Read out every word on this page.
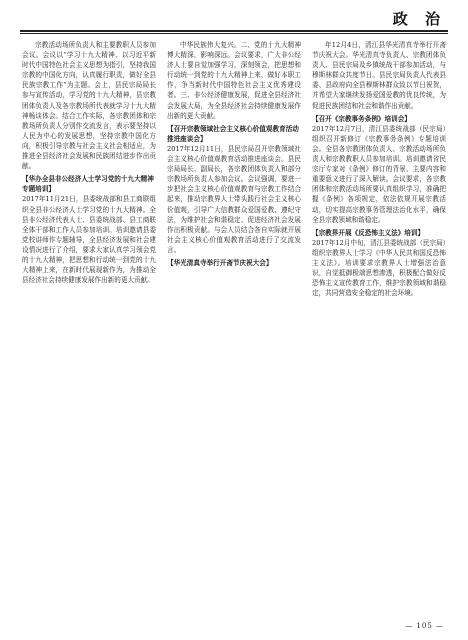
政 治

宗教活动场所负责人和主要教职人员参加会议。会议以“学习十九大精神、以习近平新时代中国特色社会主义思想为指引，坚持我国宗教的中国化方向，认真履行职责，做好全县民族宗教工作”为主题。会上，县民宗局局长参与宣传活动，学习党的十九大精神，县宗教团体负责人及各宗教场所代表就学习十九大精神畅谈体会。结合工作实际，各宗教团体和宗教场所负责人分别作交流发言，表示要坚持以人民为中心的发展思想，坚持宗教中国化方向，积极引导宗教与社会主义社会相适应，为推进全县经济社会发展和民族团结进步作出贡献。

【华办全县非公经济人士学习党的十九大精神专题培训】

2017年11月21日，县委统战部和县工商联组织全县非公经济人士学习党的十九大精神。全县非公经济代表人士、县委统战部、县工商联全体干部和工作人员参加培训。培训邀请县委党校讲师作专题辅导，全县经济发展和社会建设情况进行了介绍，要求大家认真学习领会党的十九大精神，把思想和行动统一到党的十九大精神上来，在新时代展现新作为，为推动全县经济社会持续健康发展作出新的更大贡献。

中华民族伟大复兴。二、党的十九大精神博大精深，影响深远。会议要求，广大非公经济人士要自觉加强学习，深刻领会，把思想和行动统一到党的十九大精神上来，做好本职工作，争当新时代中国特色社会主义优秀建设者。三、非公经济健康发展，促进全县经济社会发展大局，为全县经济社会持续健康发展作出新的更大贡献。

【召开宗教领域社会主义核心价值观教育活动推进座谈会】

2017年12月11日，县民宗局召开宗教领域社会主义核心价值观教育活动推进座谈会。县民宗局局长、副局长，各宗教团体负责人和部分宗教场所负责人参加会议。会议强调，要进一步把社会主义核心价值观教育与宗教工作结合起来，推动宗教界人士带头践行社会主义核心价值观，引导广大信教群众爱国爱教、遵纪守法，为维护社会和谐稳定、促进经济社会发展作出积极贡献。与会人员结合各自实际就开展社会主义核心价值观教育活动进行了交流发言。

【华光清真寺举行开斋节庆祝大会】

年12月4日，清江县华光清真寺举行开斋节庆祝大会。华光清真寺负责人、宗教团体负责人、县民宗局及乡镇统战干部参加活动，与穆斯林群众共度节日。县民宗局负责人代表县委、县政府向全县穆斯林群众致以节日祝贺，并希望大家继续发扬爱国爱教的优良传统，为促进民族团结和社会和谐作出贡献。

【召开《宗教事务条例》培训会】

2017年12月7日，清江县委统战部（民宗局）组织召开新修订《宗教事务条例》专题培训会。全县各宗教团体负责人、宗教活动场所负责人和宗教教职人员参加培训。培训邀请省民宗厅专家对《条例》修订的背景、主要内容和重要意义进行了深入解读。会议要求，各宗教团体和宗教活动场所要认真组织学习，准确把握《条例》各项规定，依法依规开展宗教活动，切实提高宗教事务管理法治化水平，确保全县宗教领域和谐稳定。

【宗教界开展《反恐怖主义法》培训】

2017年12月中旬，清江县委统战部（民宗局）组织宗教界人士学习《中华人民共和国反恐怖主义法》。培训要求宗教界人士增强法治意识，自觉抵御极端思想渗透，积极配合做好反恐怖主义宣传教育工作，维护宗教领域和谐稳定，共同营造安全稳定的社会环境。

— 105 —
